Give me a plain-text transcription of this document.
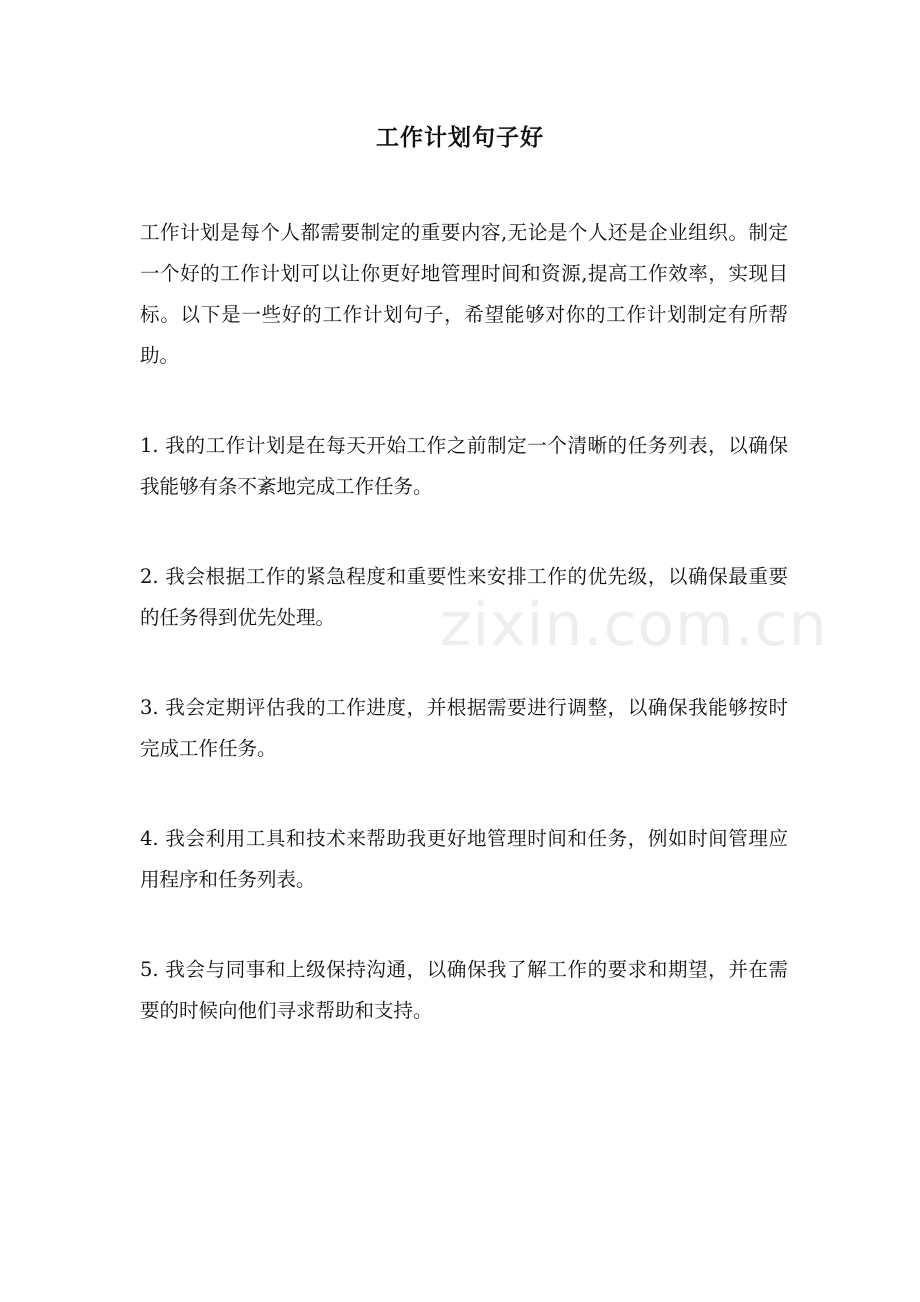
工作计划句子好

工作计划是每个人都需要制定的重要内容,无论是个人还是企业组织。制定一个好的工作计划可以让你更好地管理时间和资源,提高工作效率，实现目标。以下是一些好的工作计划句子，希望能够对你的工作计划制定有所帮助。

1. 我的工作计划是在每天开始工作之前制定一个清晰的任务列表，以确保我能够有条不紊地完成工作任务。

2. 我会根据工作的紧急程度和重要性来安排工作的优先级，以确保最重要的任务得到优先处理。

3. 我会定期评估我的工作进度，并根据需要进行调整，以确保我能够按时完成工作任务。

4. 我会利用工具和技术来帮助我更好地管理时间和任务，例如时间管理应用程序和任务列表。

5. 我会与同事和上级保持沟通，以确保我了解工作的要求和期望，并在需要的时候向他们寻求帮助和支持。

zixin.com.cn
